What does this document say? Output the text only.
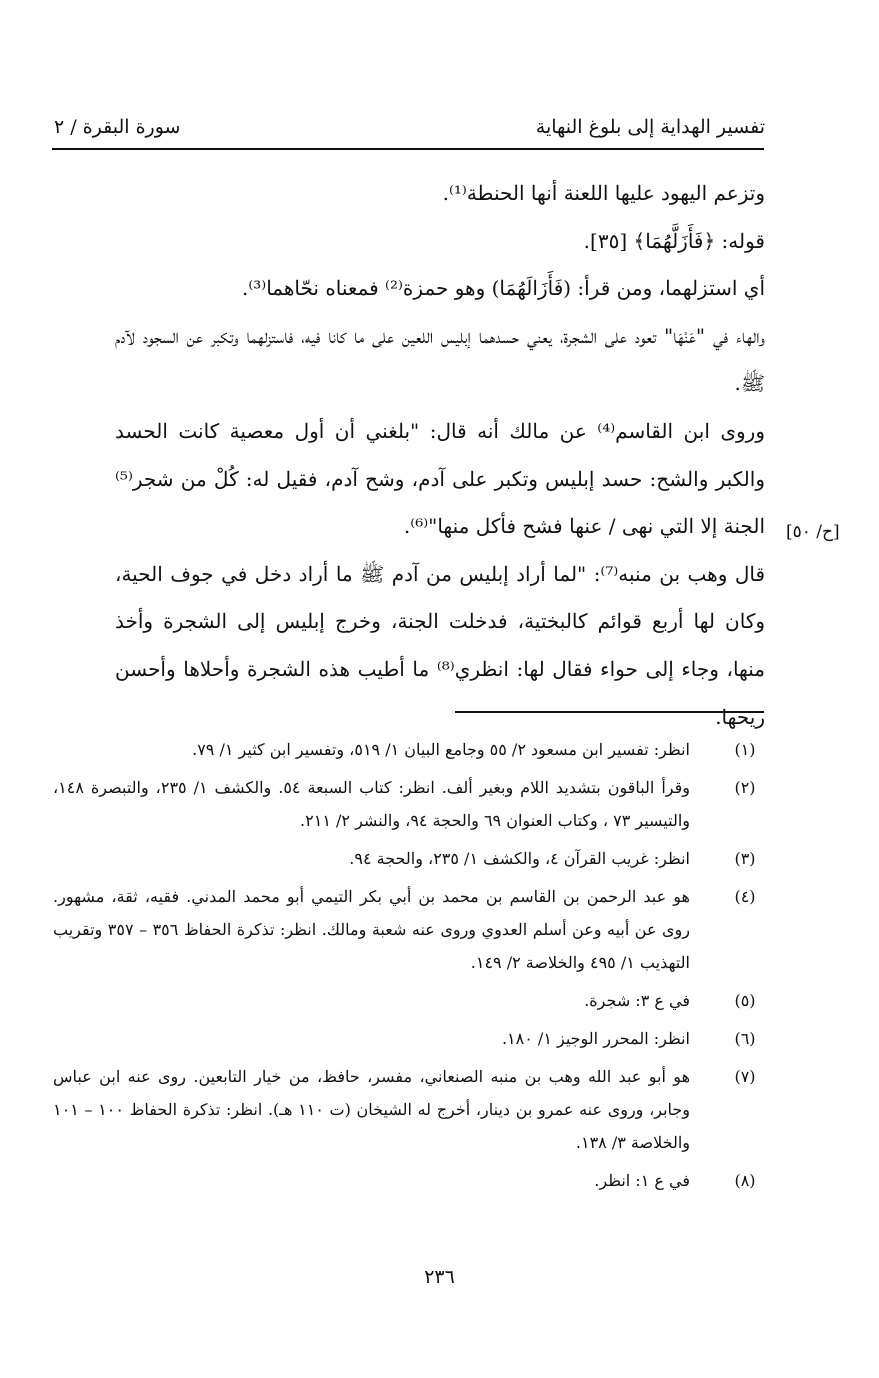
تفسير الهداية إلى بلوغ النهاية
سورة البقرة / ٢

وتزعم اليهود عليها اللعنة أنها الحنطة⁽¹⁾.

قوله: ﴿فَأَزَلَّهُمَا﴾ [٣٥].

أي استزلهما، ومن قرأ: (فَأَزَالَهُمَا) وهو حمزة⁽²⁾ فمعناه نحّاهما⁽³⁾.

والهاء في "عَنْهَا" تعود على الشجرة، يعني حسدهما إبليس اللعين على ما كانا فيه، فاستزلهما وتكبر عن السجود لآدم ﷺ.

وروى ابن القاسم⁽⁴⁾ عن مالك أنه قال: "بلغني أن أول معصية كانت الحسد والكبر والشح: حسد إبليس وتكبر على آدم، وشح آدم، فقيل له: كُلْ من شجر⁽⁵⁾ الجنة إلا التي نهى / عنها فشح فأكل منها"⁽⁶⁾.

قال وهب بن منبه⁽⁷⁾: "لما أراد إبليس من آدم ﷺ ما أراد دخل في جوف الحية، وكان لها أربع قوائم كالبختية، فدخلت الجنة، وخرج إبليس إلى الشجرة وأخذ منها، وجاء إلى حواء فقال لها: انظري⁽⁸⁾ ما أطيب هذه الشجرة وأحلاها وأحسن ريحها.

[ح/ ٥٠]
(١)
انظر: تفسير ابن مسعود ٢/ ٥٥ وجامع البيان ١/ ٥١٩، وتفسير ابن كثير ١/ ٧٩.
(٢)
وقرأ الباقون بتشديد اللام وبغير ألف. انظر: كتاب السبعة ٥٤. والكشف ١/ ٢٣٥، والتبصرة ١٤٨، والتيسير ٧٣ ، وكتاب العنوان ٦٩ والحجة ٩٤، والنشر ٢/ ٢١١.
(٣)
انظر: غريب القرآن ٤، والكشف ١/ ٢٣٥، والحجة ٩٤.
(٤)
هو عبد الرحمن بن القاسم بن محمد بن أبي بكر التيمي أبو محمد المدني. فقيه، ثقة، مشهور. روى عن أبيه وعن أسلم العدوي وروى عنه شعبة ومالك. انظر: تذكرة الحفاظ ٣٥٦ – ٣٥٧ وتقريب التهذيب ١/ ٤٩٥ والخلاصة ٢/ ١٤٩.
(٥)
في ع ٣: شجرة.
(٦)
انظر: المحرر الوجيز ١/ ١٨٠.
(٧)
هو أبو عبد الله وهب بن منبه الصنعاني، مفسر، حافظ، من خيار التابعين. روى عنه ابن عباس وجابر، وروى عنه عمرو بن دينار، أخرج له الشيخان (ت ١١٠ هـ). انظر: تذكرة الحفاظ ١٠٠ – ١٠١ والخلاصة ٣/ ١٣٨.
(٨)
في ع ١: انظر.
٢٣٦
